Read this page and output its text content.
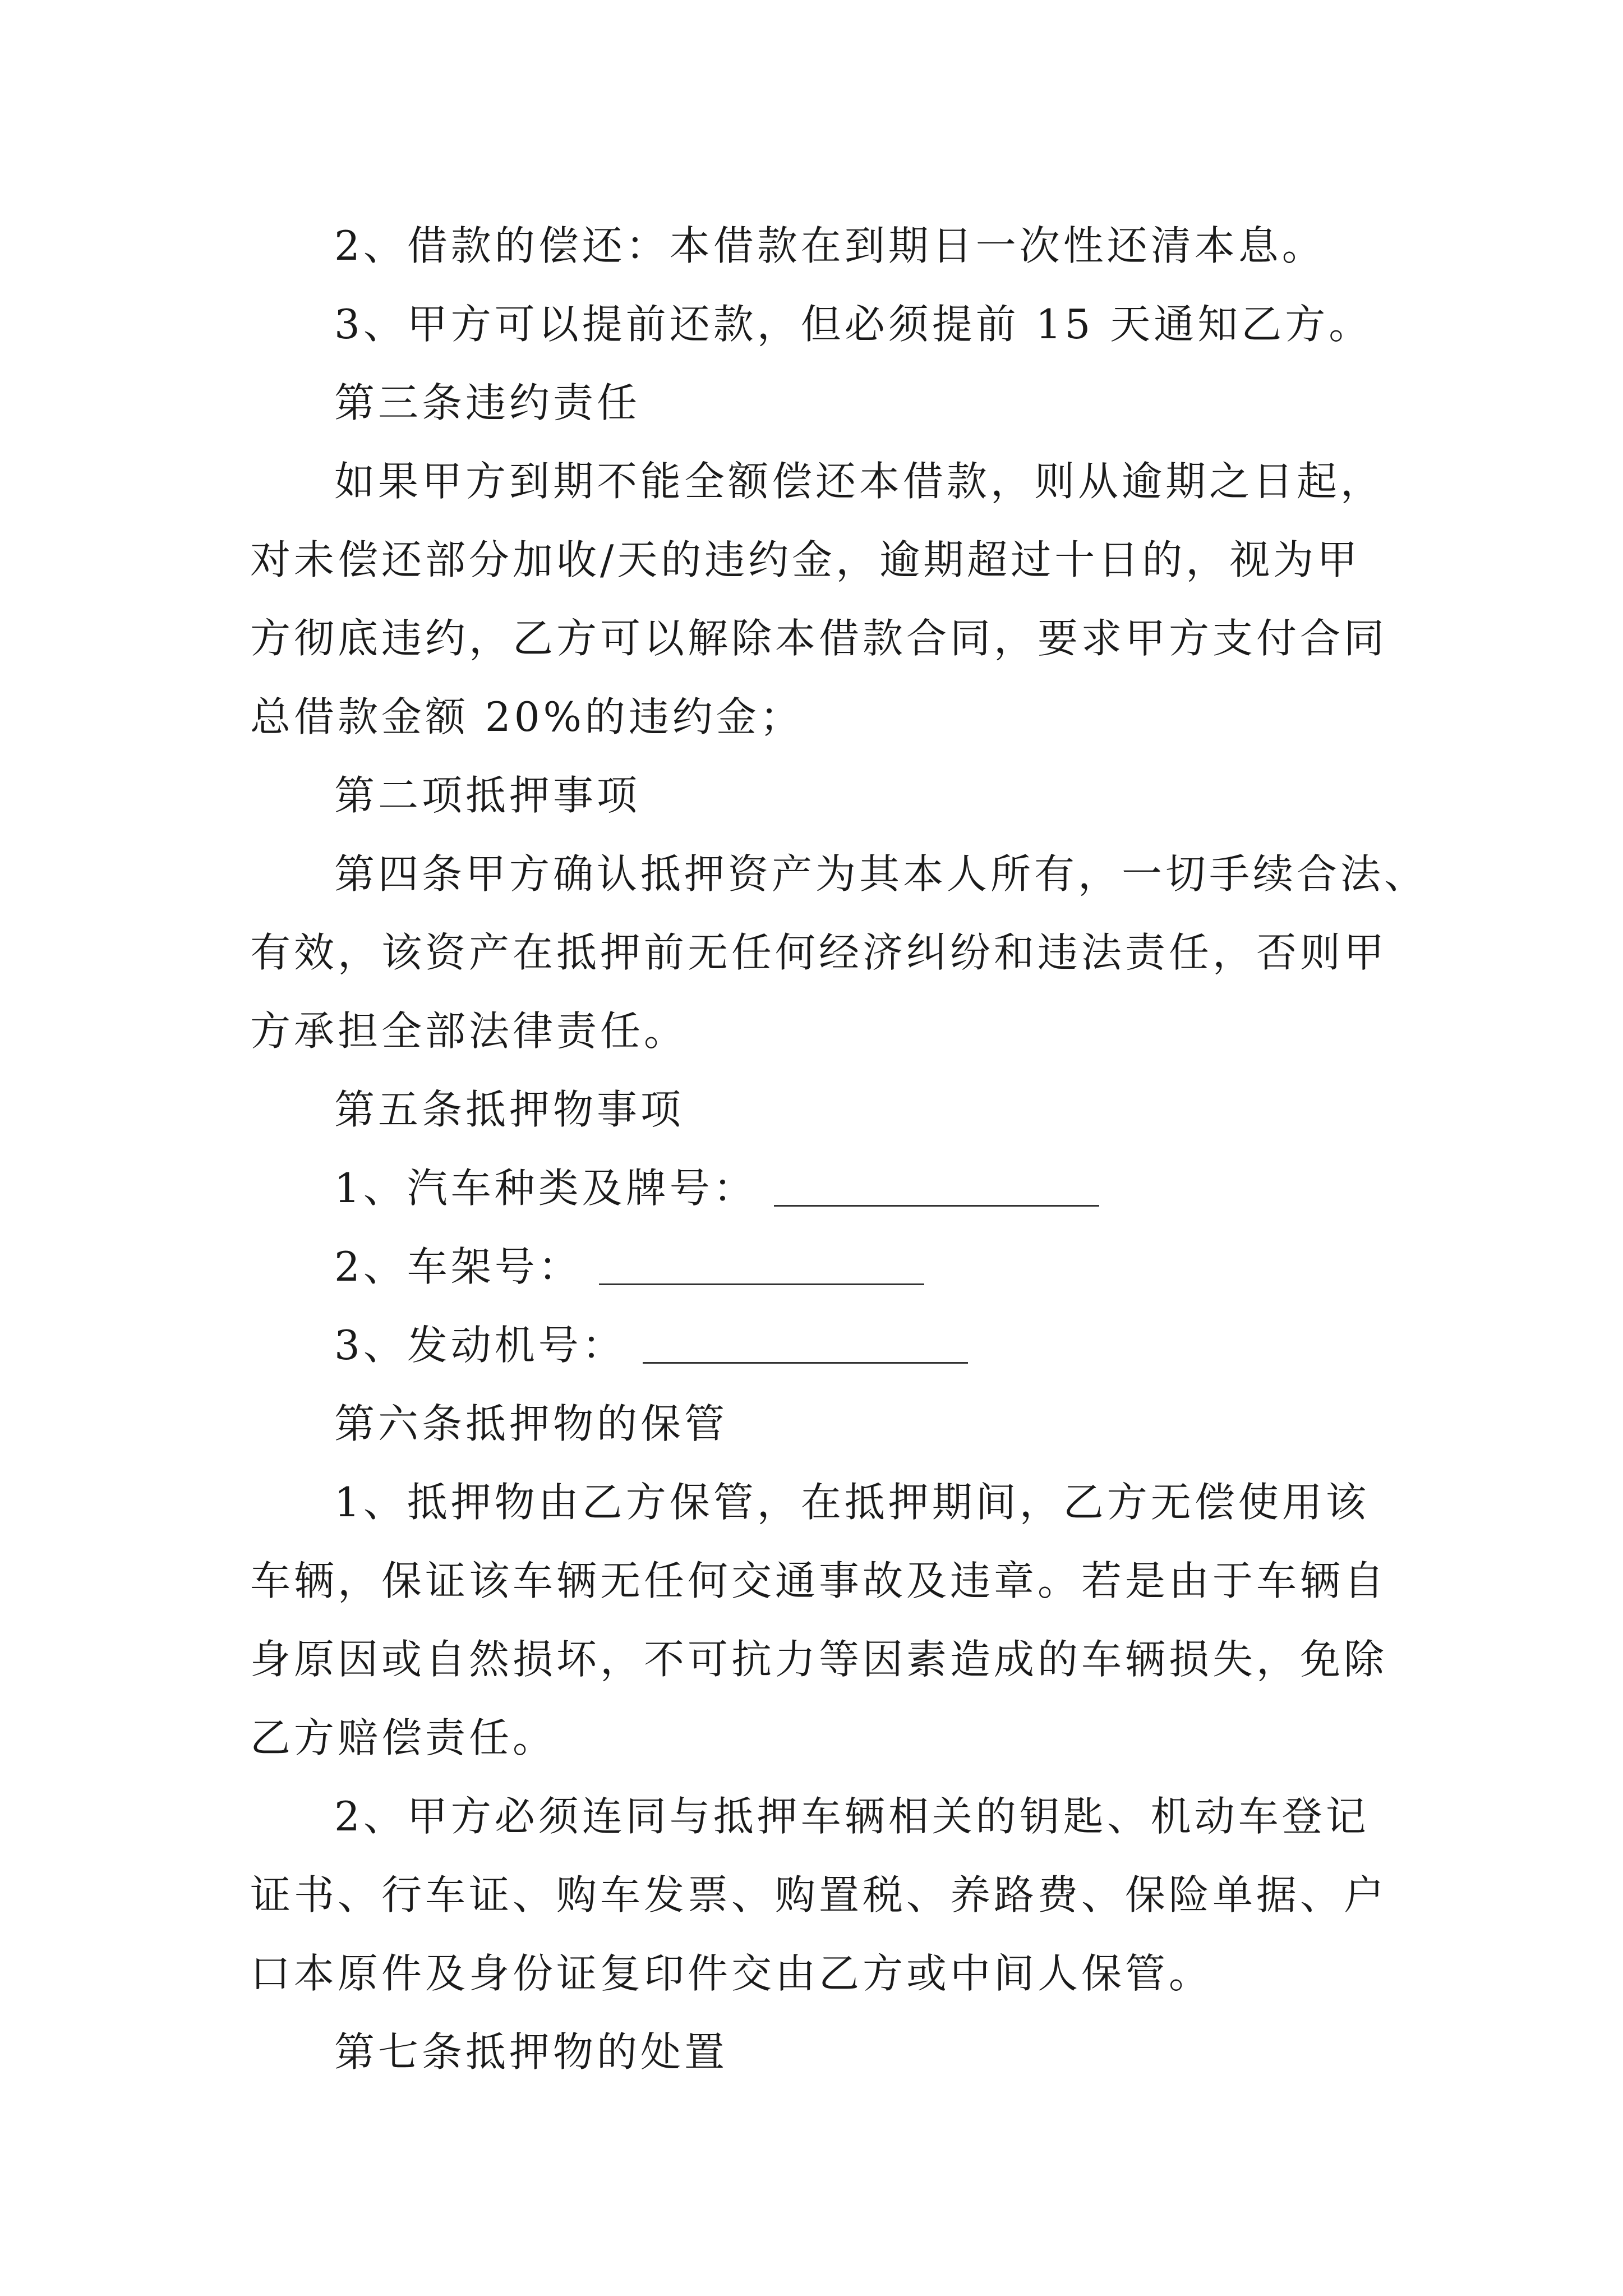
2、借款的偿还：本借款在到期日一次性还清本息。
3、甲方可以提前还款，但必须提前 15 天通知乙方。
第三条违约责任
如果甲方到期不能全额偿还本借款，则从逾期之日起，
对未偿还部分加收/天的违约金，逾期超过十日的，视为甲
方彻底违约，乙方可以解除本借款合同，要求甲方支付合同
总借款金额 20%的违约金；
第二项抵押事项
第四条甲方确认抵押资产为其本人所有，一切手续合法、
有效，该资产在抵押前无任何经济纠纷和违法责任，否则甲
方承担全部法律责任。
第五条抵押物事项
1、汽车种类及牌号：
2、车架号：
3、发动机号：
第六条抵押物的保管
1、抵押物由乙方保管，在抵押期间，乙方无偿使用该
车辆，保证该车辆无任何交通事故及违章。若是由于车辆自
身原因或自然损坏，不可抗力等因素造成的车辆损失，免除
乙方赔偿责任。
2、甲方必须连同与抵押车辆相关的钥匙、机动车登记
证书、行车证、购车发票、购置税、养路费、保险单据、户
口本原件及身份证复印件交由乙方或中间人保管。
第七条抵押物的处置
